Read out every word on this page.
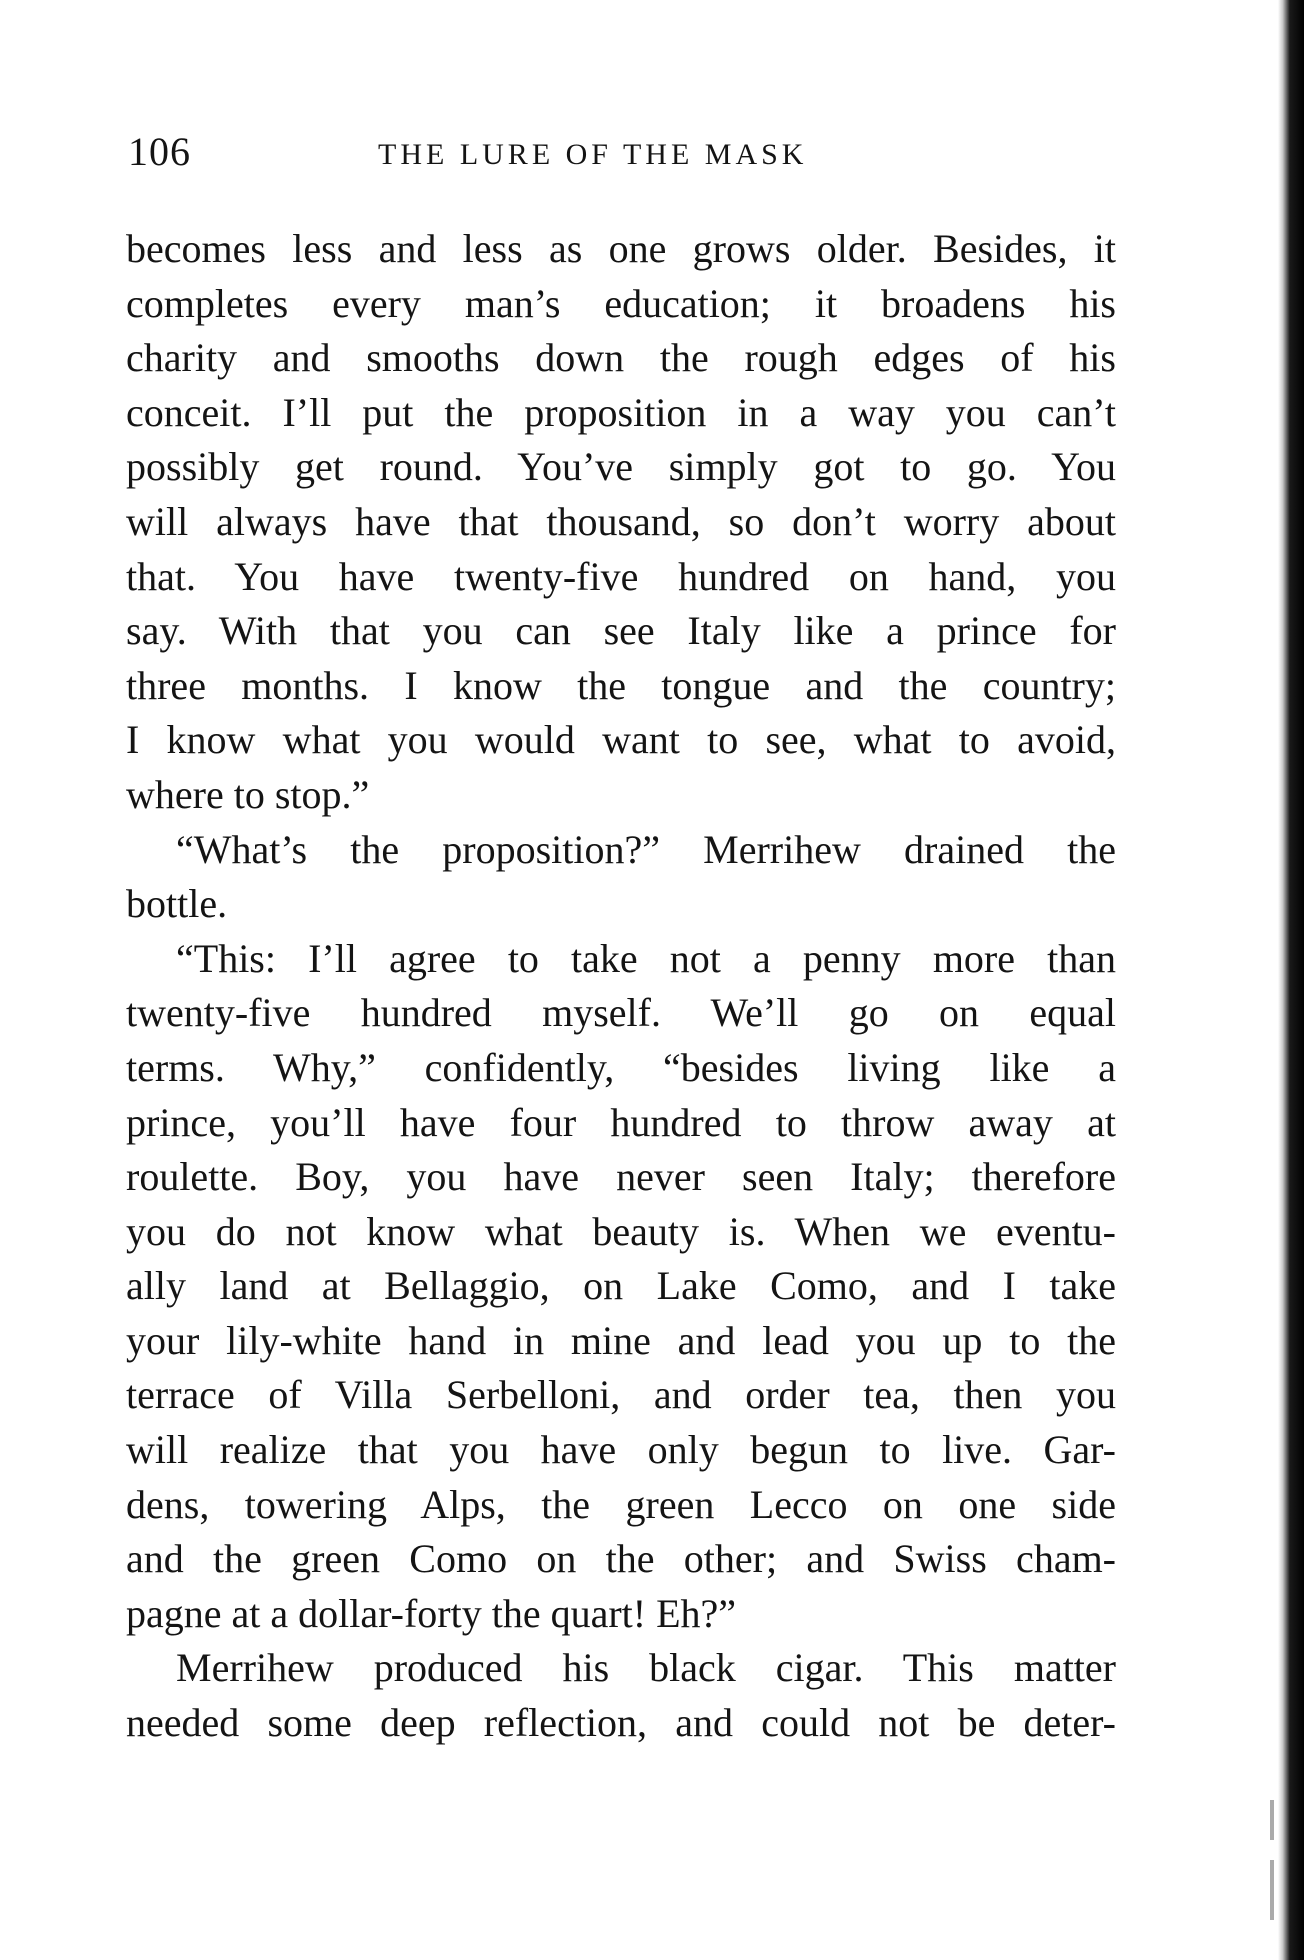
106	THE LURE OF THE MASK

becomes less and less as one grows older. Besides, it
completes every man’s education; it broadens his
charity and smooths down the rough edges of his
conceit. I’ll put the proposition in a way you can’t
possibly get round. You’ve simply got to go. You
will always have that thousand, so don’t worry about
that. You have twenty-five hundred on hand, you
say. With that you can see Italy like a prince for
three months. I know the tongue and the country;
I know what you would want to see, what to avoid,
where to stop.”

“What’s the proposition?” Merrihew drained the
bottle.

“This: I’ll agree to take not a penny more than
twenty-five hundred myself. We’ll go on equal
terms. Why,” confidently, “besides living like a
prince, you’ll have four hundred to throw away at
roulette. Boy, you have never seen Italy; therefore
you do not know what beauty is. When we eventu-
ally land at Bellaggio, on Lake Como, and I take
your lily-white hand in mine and lead you up to the
terrace of Villa Serbelloni, and order tea, then you
will realize that you have only begun to live. Gar-
dens, towering Alps, the green Lecco on one side
and the green Como on the other; and Swiss cham-
pagne at a dollar-forty the quart! Eh?”

Merrihew produced his black cigar. This matter
needed some deep reflection, and could not be deter-
